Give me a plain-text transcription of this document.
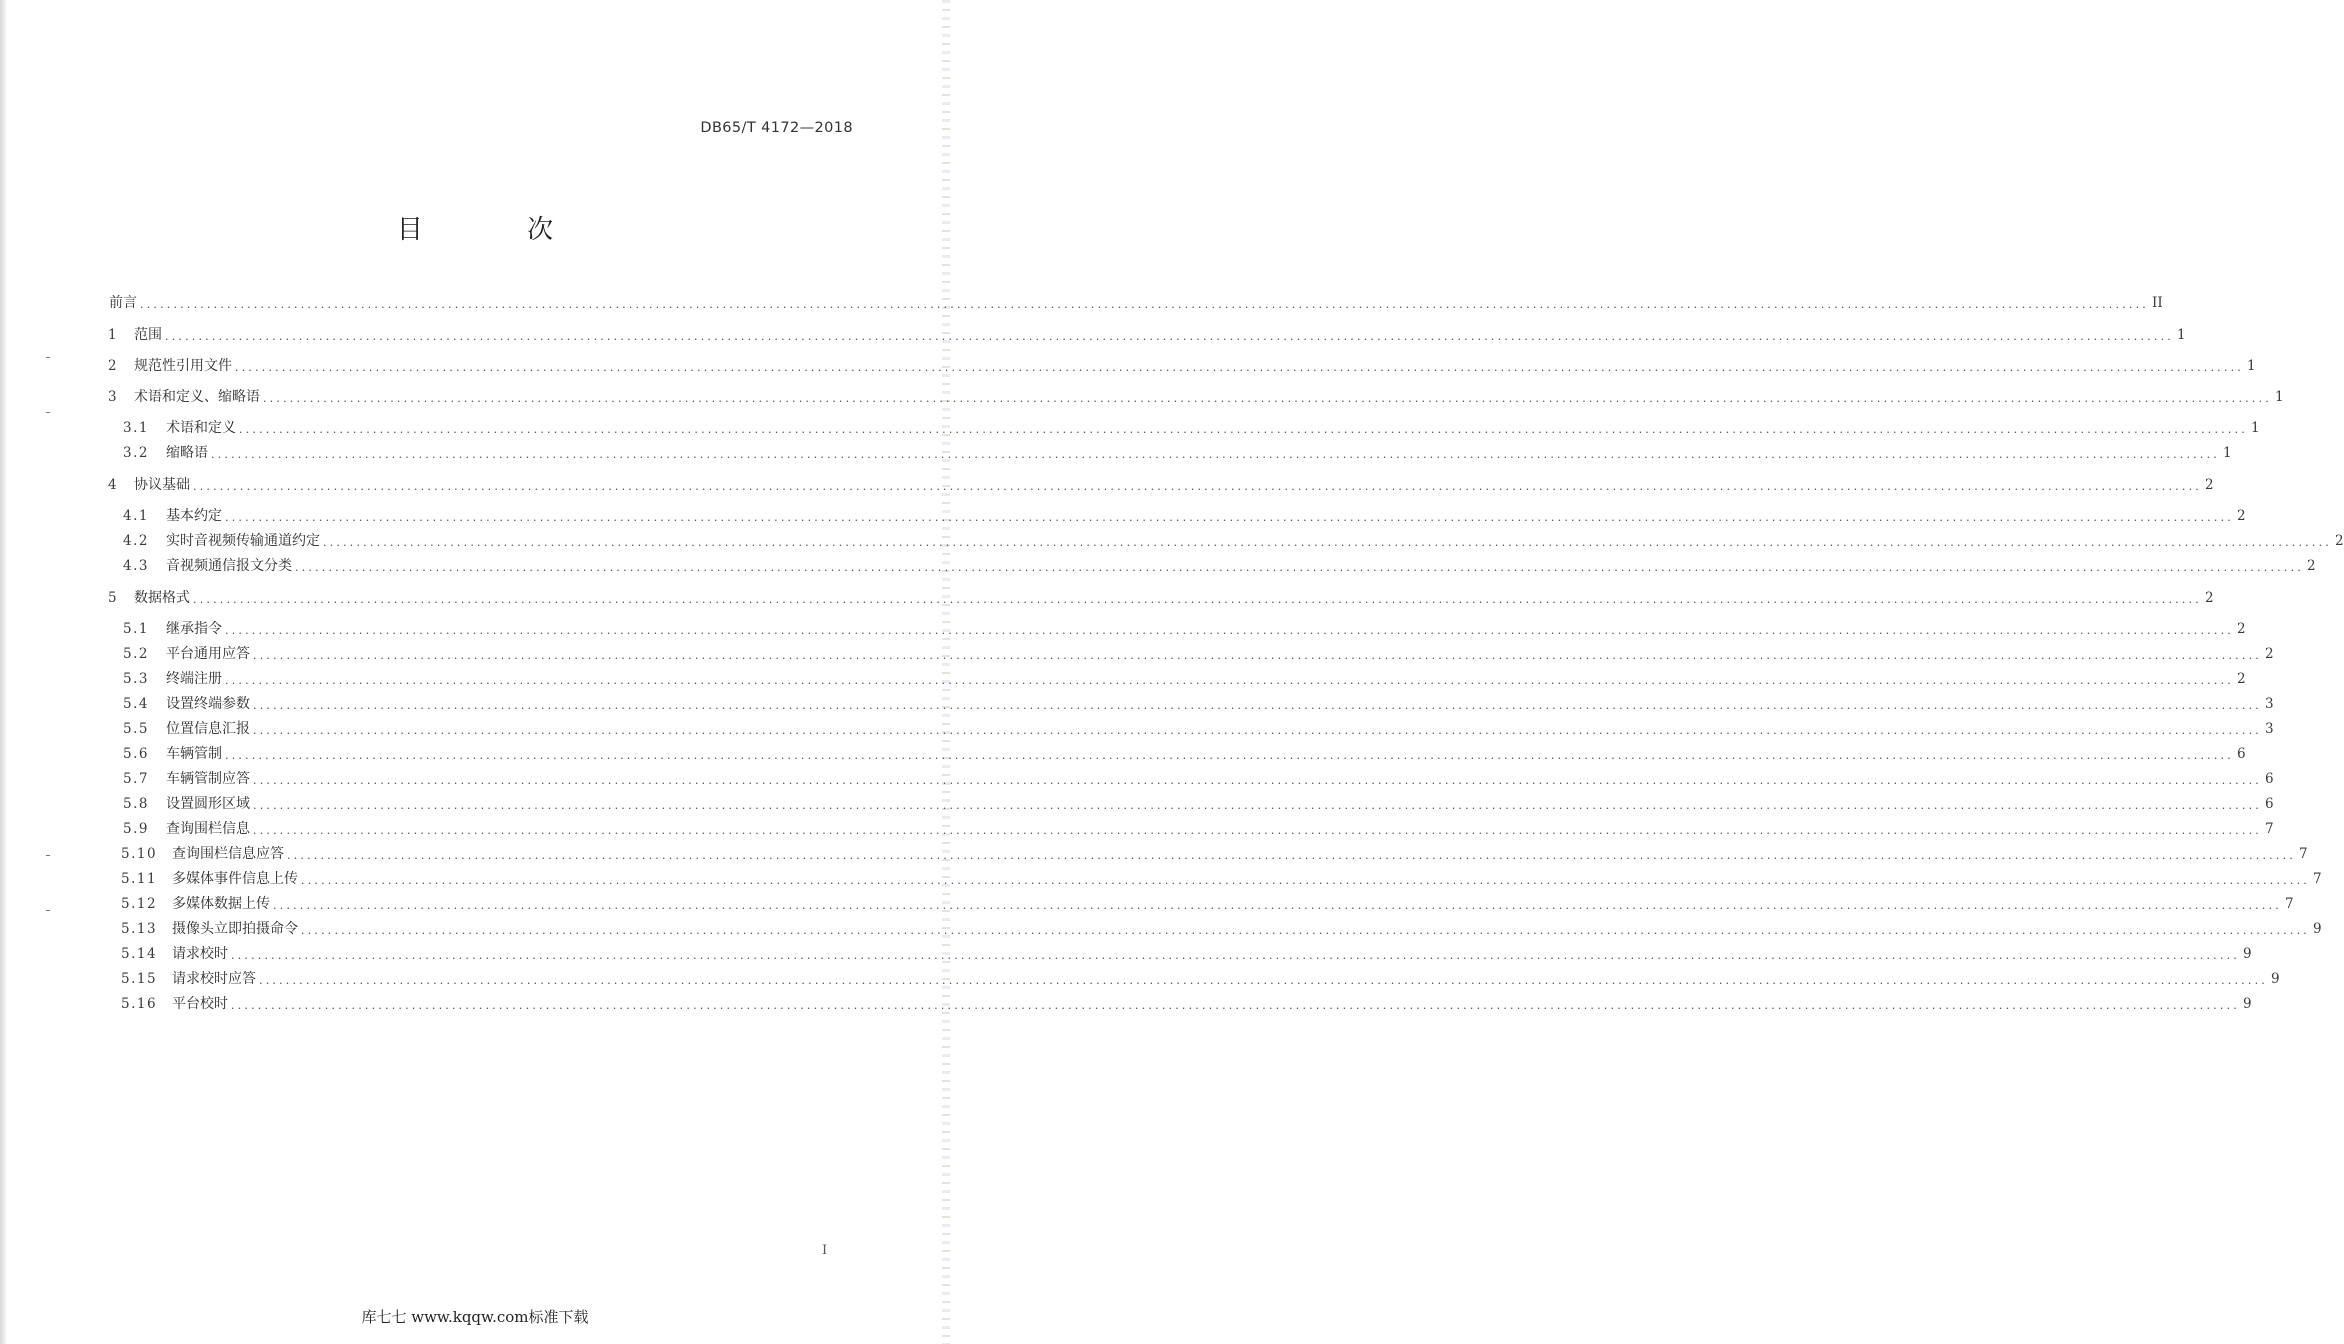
DB65/T 4172—2018
目 次
前言 ............................................................................................................................................................................................................................................................................................................ II
1	范围 ............................................................................................................................................................................................................................................................................................................ 1
2	规范性引用文件 ............................................................................................................................................................................................................................................................................................................ 1
3	术语和定义、缩略语 ............................................................................................................................................................................................................................................................................................................ 1
3.1	术语和定义 ............................................................................................................................................................................................................................................................................................................ 1
3.2	缩略语 ............................................................................................................................................................................................................................................................................................................ 1
4	协议基础 ............................................................................................................................................................................................................................................................................................................ 2
4.1	基本约定 ............................................................................................................................................................................................................................................................................................................ 2
4.2	实时音视频传输通道约定 ............................................................................................................................................................................................................................................................................................................ 2
4.3	音视频通信报文分类 ............................................................................................................................................................................................................................................................................................................ 2
5	数据格式 ............................................................................................................................................................................................................................................................................................................ 2
5.1	继承指令 ............................................................................................................................................................................................................................................................................................................ 2
5.2	平台通用应答 ............................................................................................................................................................................................................................................................................................................ 2
5.3	终端注册 ............................................................................................................................................................................................................................................................................................................ 2
5.4	设置终端参数 ............................................................................................................................................................................................................................................................................................................ 3
5.5	位置信息汇报 ............................................................................................................................................................................................................................................................................................................ 3
5.6	车辆管制 ............................................................................................................................................................................................................................................................................................................ 6
5.7	车辆管制应答 ............................................................................................................................................................................................................................................................................................................ 6
5.8	设置圆形区域 ............................................................................................................................................................................................................................................................................................................ 6
5.9	查询围栏信息 ............................................................................................................................................................................................................................................................................................................ 7
5.10	查询围栏信息应答 ............................................................................................................................................................................................................................................................................................................ 7
5.11	多媒体事件信息上传 ............................................................................................................................................................................................................................................................................................................ 7
5.12	多媒体数据上传 ............................................................................................................................................................................................................................................................................................................ 7
5.13	摄像头立即拍摄命令 ............................................................................................................................................................................................................................................................................................................ 9
5.14	请求校时 ............................................................................................................................................................................................................................................................................................................ 9
5.15	请求校时应答 ............................................................................................................................................................................................................................................................................................................ 9
5.16	平台校时 ............................................................................................................................................................................................................................................................................................................ 9
I
库七七 www.kqqw.com标准下载
